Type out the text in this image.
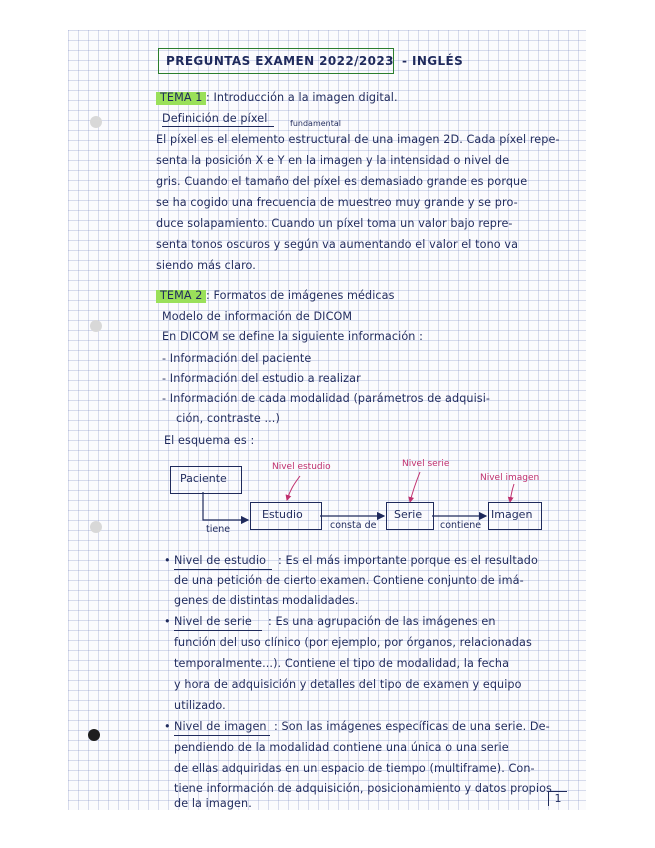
PREGUNTAS EXAMEN 2022/2023 - INGLÉS
TEMA 1 : Introducción a la imagen digital.
Definición de píxel	fundamental
El píxel es el elemento estructural de una imagen 2D. Cada píxel repe-
senta la posición X e Y en la imagen y la intensidad o nivel de
gris. Cuando el tamaño del píxel es demasiado grande es porque
se ha cogido una frecuencia de muestreo muy grande y se pro-
duce solapamiento. Cuando un píxel toma un valor bajo repre-
senta tonos oscuros y según va aumentando el valor el tono va
siendo más claro.
TEMA 2 : Formatos de imágenes médicas
Modelo de información de DICOM
En DICOM se define la siguiente información :
- Información del paciente
- Información del estudio a realizar
- Información de cada modalidad (parámetros de adquisi-
ción, contraste ...)
El esquema es :
Paciente
Estudio	Serie	Imagen
Nivel estudio	Nivel serie
Nivel imagen
tiene	consta de	contiene
• Nivel de estudio : Es el más importante porque es el resultado
de una petición de cierto examen. Contiene conjunto de imá-
genes de distintas modalidades.
• Nivel de serie : Es una agrupación de las imágenes en
función del uso clínico (por ejemplo, por órganos, relacionadas
temporalmente...). Contiene el tipo de modalidad, la fecha
y hora de adquisición y detalles del tipo de examen y equipo
utilizado.
• Nivel de imagen : Son las imágenes específicas de una serie. De-
pendiendo de la modalidad contiene una única o una serie
de ellas adquiridas en un espacio de tiempo (multiframe). Con-
tiene información de adquisición, posicionamiento y datos propios
de la imagen.	1
